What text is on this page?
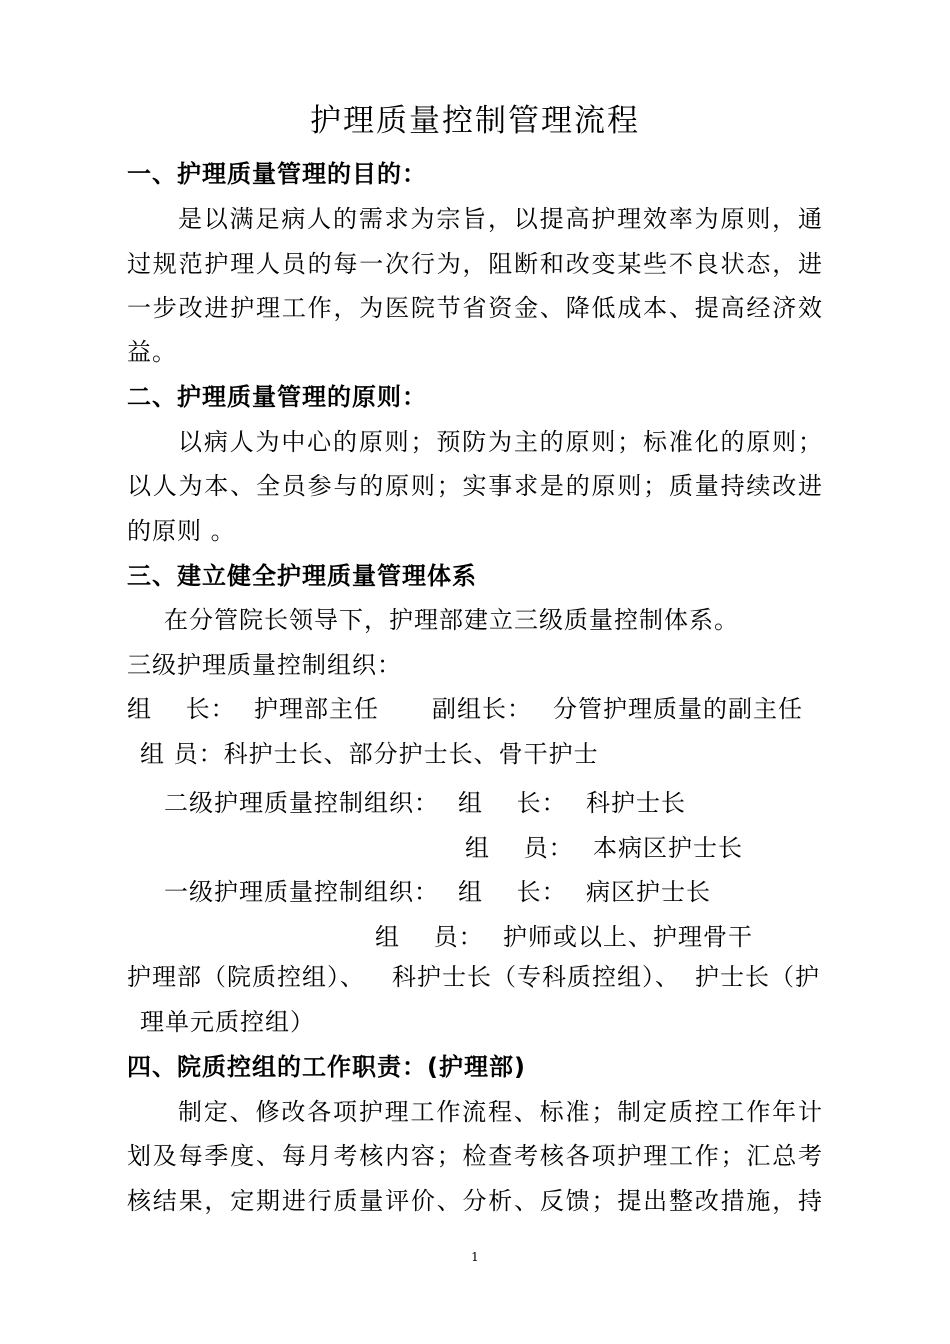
护理质量控制管理流程
一、护理质量管理的目的：
是以满足病人的需求为宗旨，以提高护理效率为原则，通
过规范护理人员的每一次行为，阻断和改变某些不良状态，进
一步改进护理工作，为医院节省资金、降低成本、提高经济效
益。
二、护理质量管理的原则：
以病人为中心的原则；预防为主的原则；标准化的原则；
以人为本、全员参与的原则；实事求是的原则；质量持续改进
的原则 。
三、建立健全护理质量管理体系
在分管院长领导下，护理部建立三级质量控制体系。
三级护理质量控制组织：
组　 长： 护理部主任 副组长： 分管护理质量的副主任
组 员：科护士长、部分护士长、骨干护士
二级护理质量控制组织： 组　 长： 科护士长
组　 员： 本病区护士长
一级护理质量控制组织： 组　 长： 病区护士长
组　 员： 护师或以上、护理骨干
护理部（院质控组）、 科护士长（专科质控组）、 护士长（护
理单元质控组）
四、院质控组的工作职责：(护理部)
制定、修改各项护理工作流程、标准；制定质控工作年计
划及每季度、每月考核内容；检查考核各项护理工作；汇总考
核结果，定期进行质量评价、分析、反馈；提出整改措施，持
1
